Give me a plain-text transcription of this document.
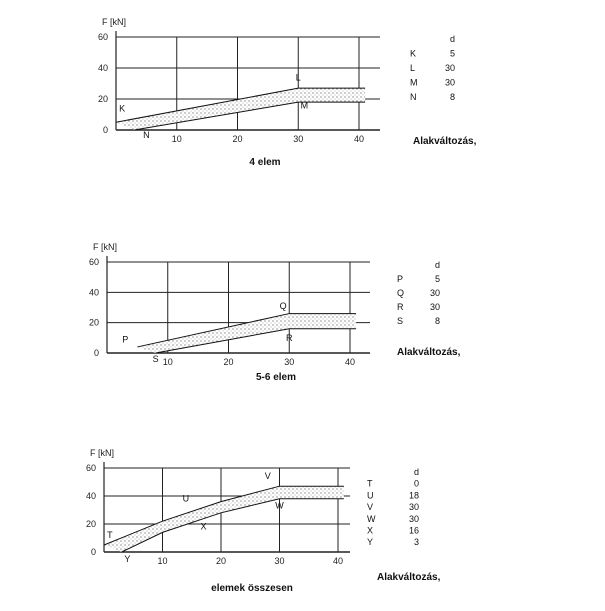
0
20
40
60
10	20	30	40
F [kN]
4 elem
Alakváltozás,
K
L
M
N
d
K	5
L	30
M	30
N	8
0
20
40
60
10	20	30	40
F [kN]
5-6 elem
Alakváltozás,
P
Q
R
S
d
P	5
Q	30
R	30
S	8
0
20
40
60
10	20	30	40
F [kN]
elemek összesen
Alakváltozás,
T
U
V
W
X
Y
d
T	0
U	18
V	30
W	30
X	16
Y	3
